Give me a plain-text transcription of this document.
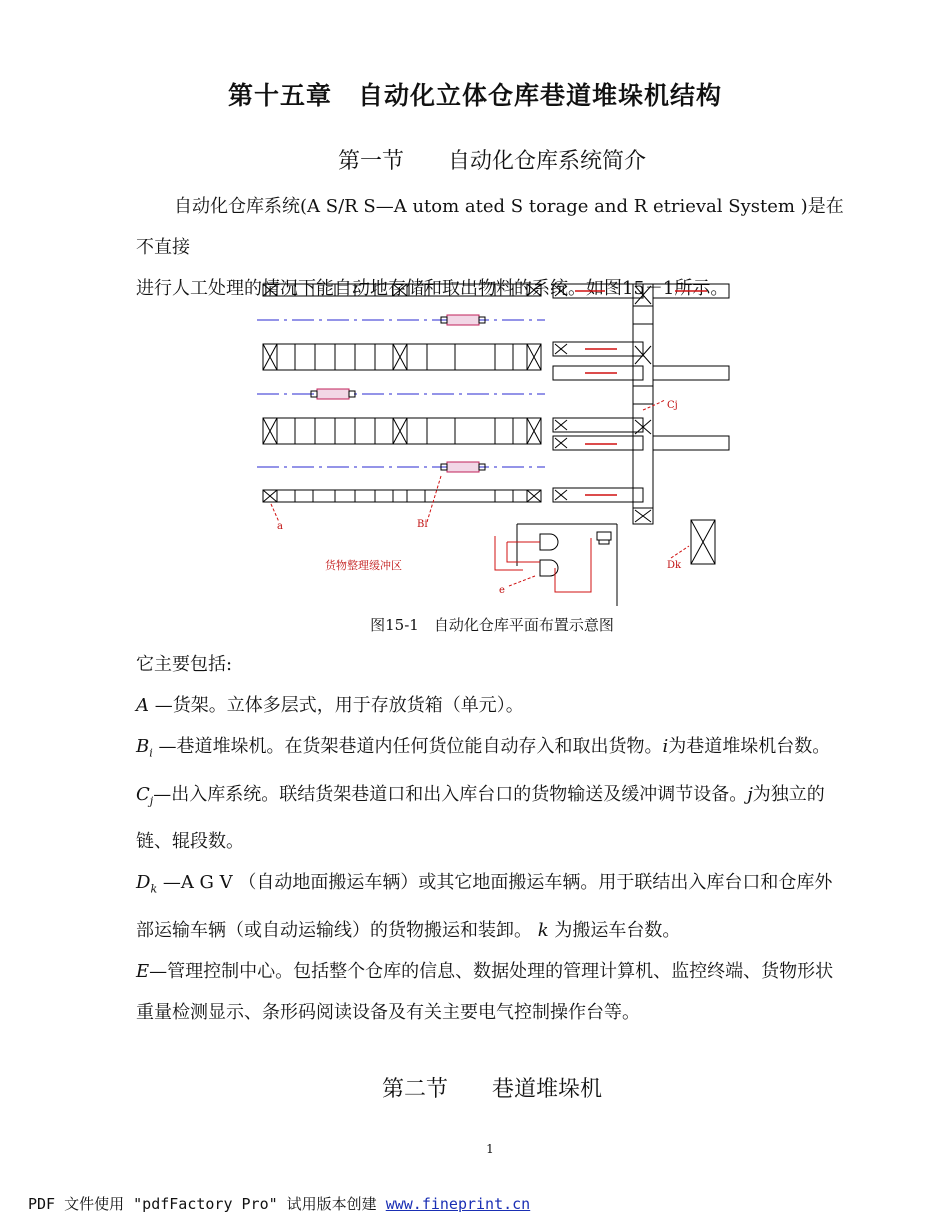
第十五章　自动化立体仓库巷道堆垛机结构
第一节　　自动化仓库系统简介

自动化仓库系统(A S/R S—A utom ated S torage and R etrieval System )是在不直接

进行人工处理的情况下能自动地存储和取出物料的系统。如图15－1所示。

Cj
a	Bi
货物整理缓冲区
e
Dk
图15-1　自动化仓库平面布置示意图

它主要包括:

A —货架。立体多层式，用于存放货箱（单元）。

$B_i$ —巷道堆垛机。在货架巷道内任何货位能自动存入和取出货物。i为巷道堆垛机台数。

$C_j—$出入库系统。联结货架巷道口和出入库台口的货物输送及缓冲调节设备。j为独立的链、辊段数。

$D_k$ —A G V （自动地面搬运车辆）或其它地面搬运车辆。用于联结出入库台口和仓库外部运输车辆（或自动运输线）的货物搬运和装卸。 k 为搬运车台数。

E—管理控制中心。包括整个仓库的信息、数据处理的管理计算机、监控终端、货物形状重量检测显示、条形码阅读设备及有关主要电气控制操作台等。

第二节　　巷道堆垛机
1
PDF 文件使用 "pdfFactory Pro" 试用版本创建 www.fineprint.cn
